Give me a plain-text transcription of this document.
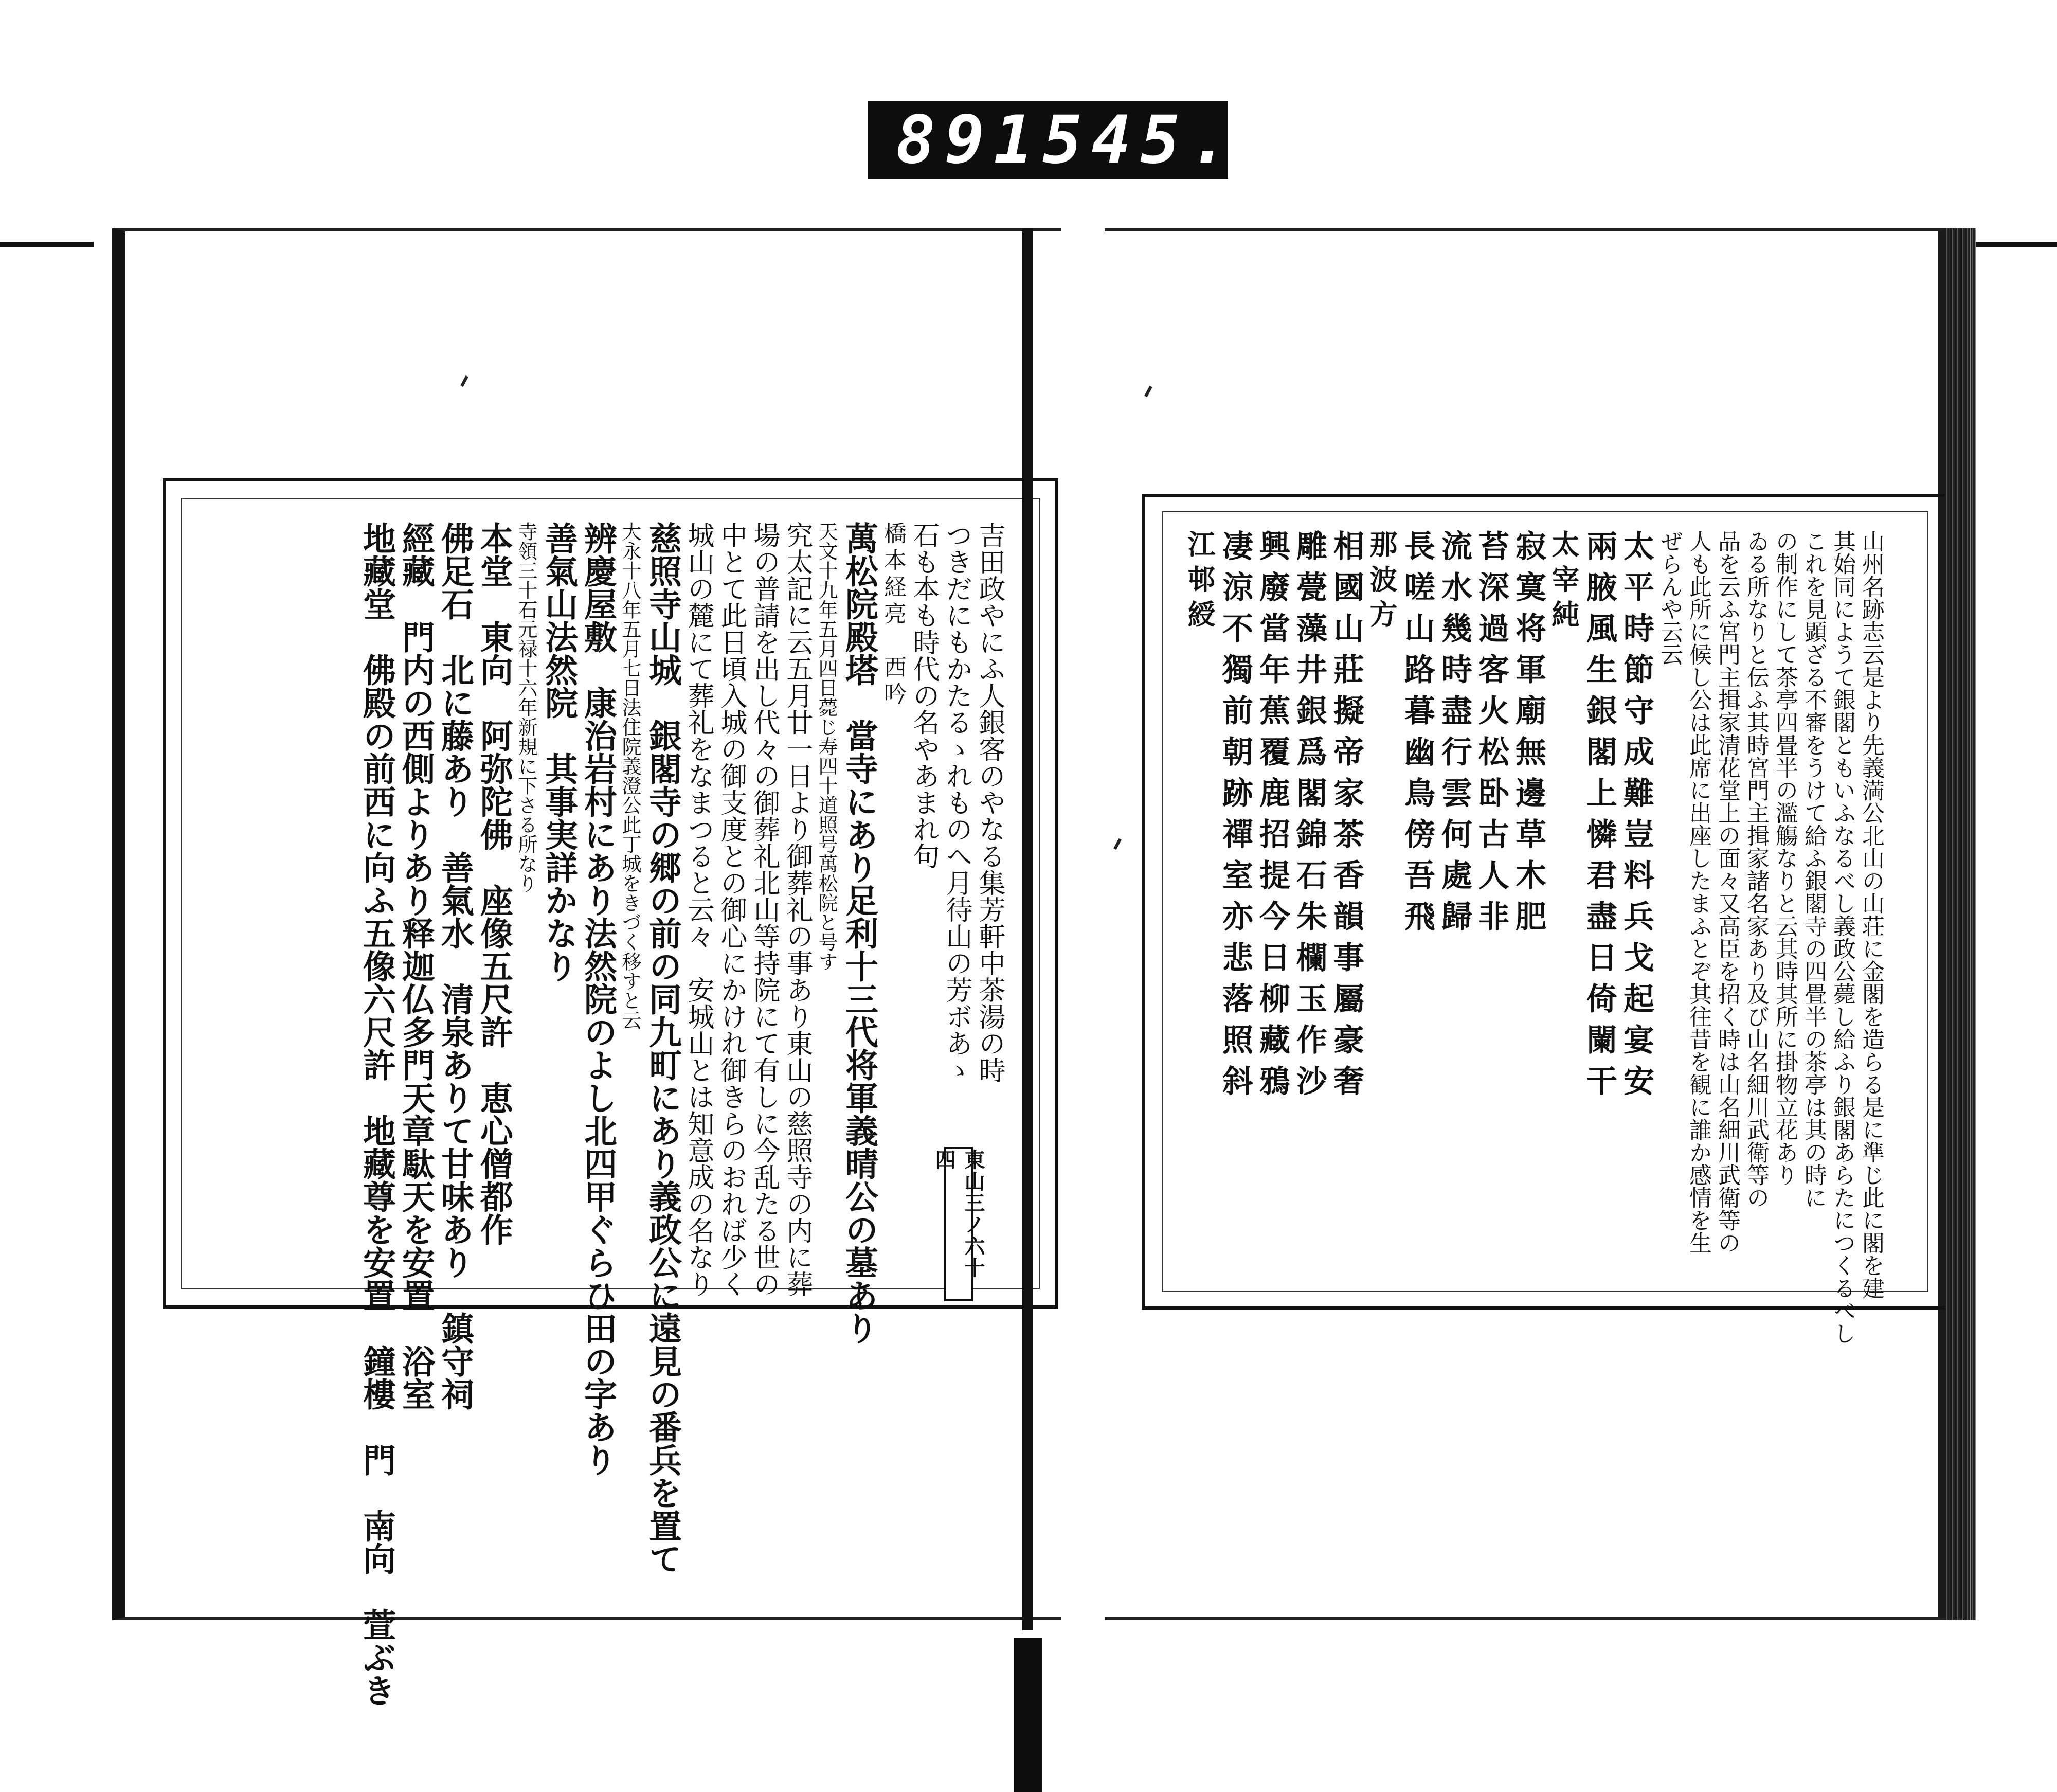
891 545.
吉田政やにふ人銀客のやなる集芳軒中茶湯の時
つきだにもかたるゝれものへ月待山の芳ボあゝ
石も本も時代の名やあまれ句
橋本経亮　西吟
萬松院殿塔　當寺にあり足利十三代将軍義晴公の墓あり
天文十九年五月四日薨じ寿四十道照号萬松院と号す
究太記に云五月廿一日より御葬礼の事あり東山の慈照寺の内に葬
場の普請を出し代々の御葬礼北山等持院にて有しに今乱たる世の
中とて此日頃入城の御支度との御心にかけれ御きらのおれば少く
城山の麓にて葬礼をなまつると云々　安城山とは知意成の名なり
慈照寺山城　銀閣寺の郷の前の同九町にあり義政公に遠見の番兵を置て
大永十八年五月七日法住院義澄公此丁城をきづく移すと云
辨慶屋敷　康治岩村にあり法然院のよし北四甲ぐらひ田の字あり
善氣山法然院　其事実詳かなり
寺領三十石元禄十六年新規に下さる所なり
本堂　東向　阿弥陀佛　座像五尺許　恵心僧都作
佛足石　北に藤あり　善氣水　清泉ありて甘味あり　鎮守祠
經藏　門内の西側よりあり释迦仏多門天章駄天を安置　浴室
地藏堂　佛殿の前西に向ふ五像六尺許　地藏尊を安置　鐘樓　門　南向　萱ぶき	山州名跡志云是より先義満公北山の山荘に金閣を造らる是に準じ此に閣を建
其始同にようて銀閣ともいふなるべし義政公薨し給ふり銀閣あらたにつくるべし
これを見顕ざる不審をうけて給ふ銀閣寺の四畳半の茶亭は其の時に
の制作にして茶亭四畳半の濫觴なりと云其時其所に掛物立花あり
ゐる所なりと伝ふ其時宮門主揖家諸名家あり及び山名細川武衛等の
品を云ふ宮門主揖家清花堂上の面々又高臣を招く時は山名細川武衛等の
人も此所に候し公は此席に出座したまふとぞ其往昔を観に誰か感情を生
ぜらんや云云
太平時節守成難豈料兵戈起宴安
兩腋風生銀閣上憐君盡日倚闌干
太宰純
寂寞将軍廟無邊草木肥
苔深過客火松卧古人非
流水幾時盡行雲何處歸
長嗟山路暮幽鳥傍吾飛
那波方
相國山莊擬帝家茶香韻事屬豪奢
雕甍藻井銀爲閣錦石朱欄玉作沙
興廢當年蕉覆鹿招提今日柳藏鴉
凄涼不獨前朝跡禪室亦悲落照斜
江邨綬
